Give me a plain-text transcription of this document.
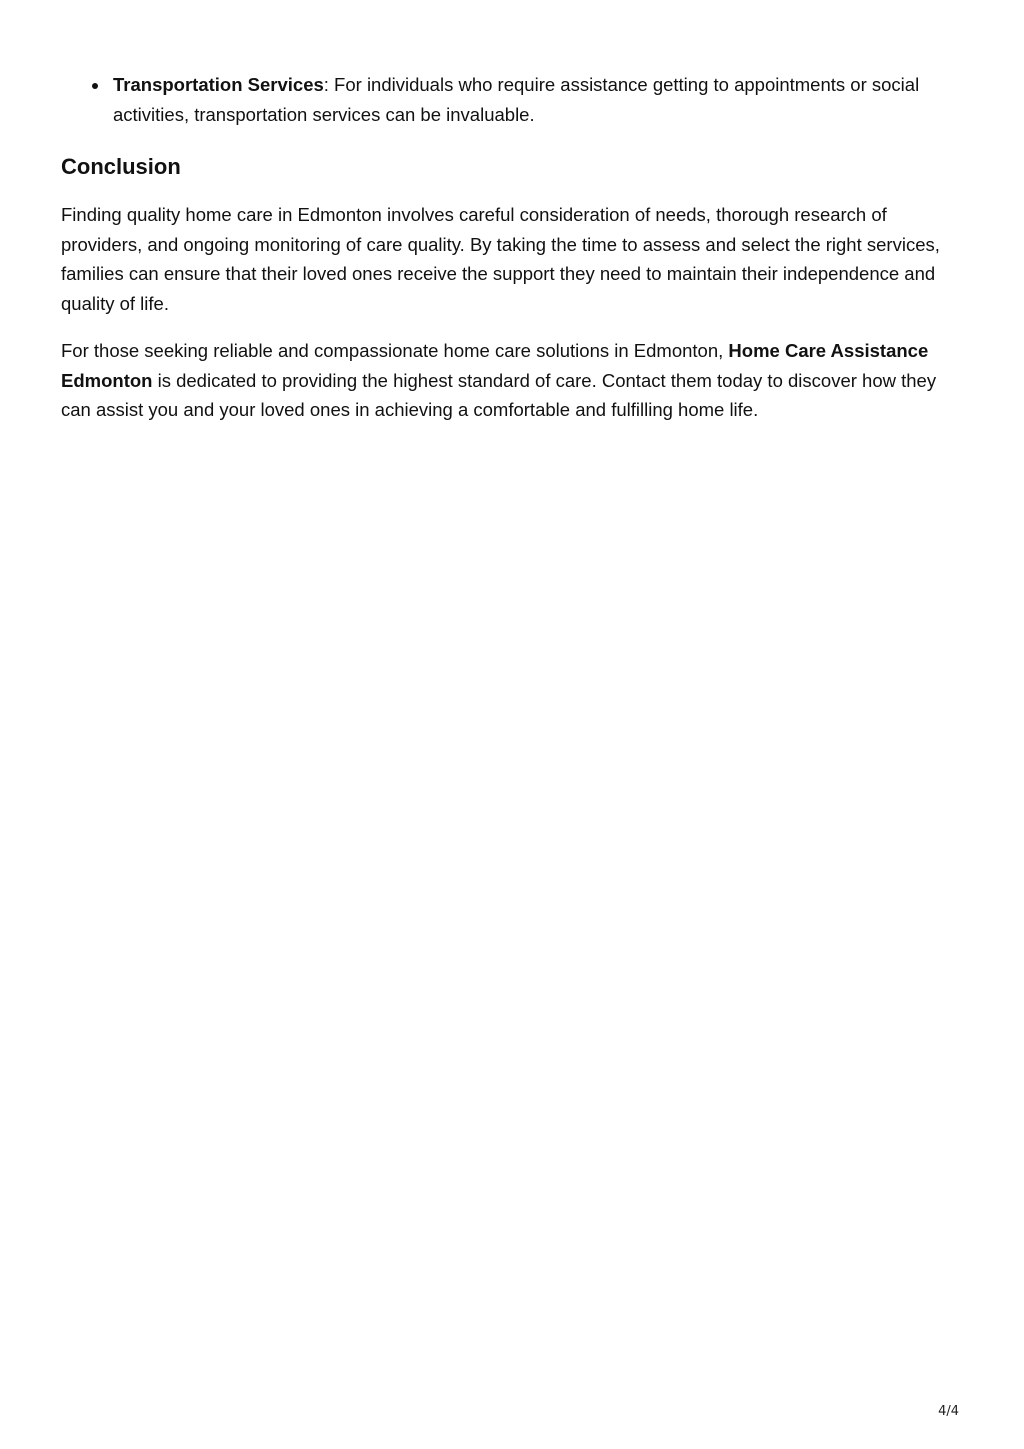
Transportation Services: For individuals who require assistance getting to appointments or social activities, transportation services can be invaluable.
Conclusion

Finding quality home care in Edmonton involves careful consideration of needs, thorough research of providers, and ongoing monitoring of care quality. By taking the time to assess and select the right services, families can ensure that their loved ones receive the support they need to maintain their independence and quality of life.

For those seeking reliable and compassionate home care solutions in Edmonton, Home Care Assistance Edmonton is dedicated to providing the highest standard of care. Contact them today to discover how they can assist you and your loved ones in achieving a comfortable and fulfilling home life.

4/4
